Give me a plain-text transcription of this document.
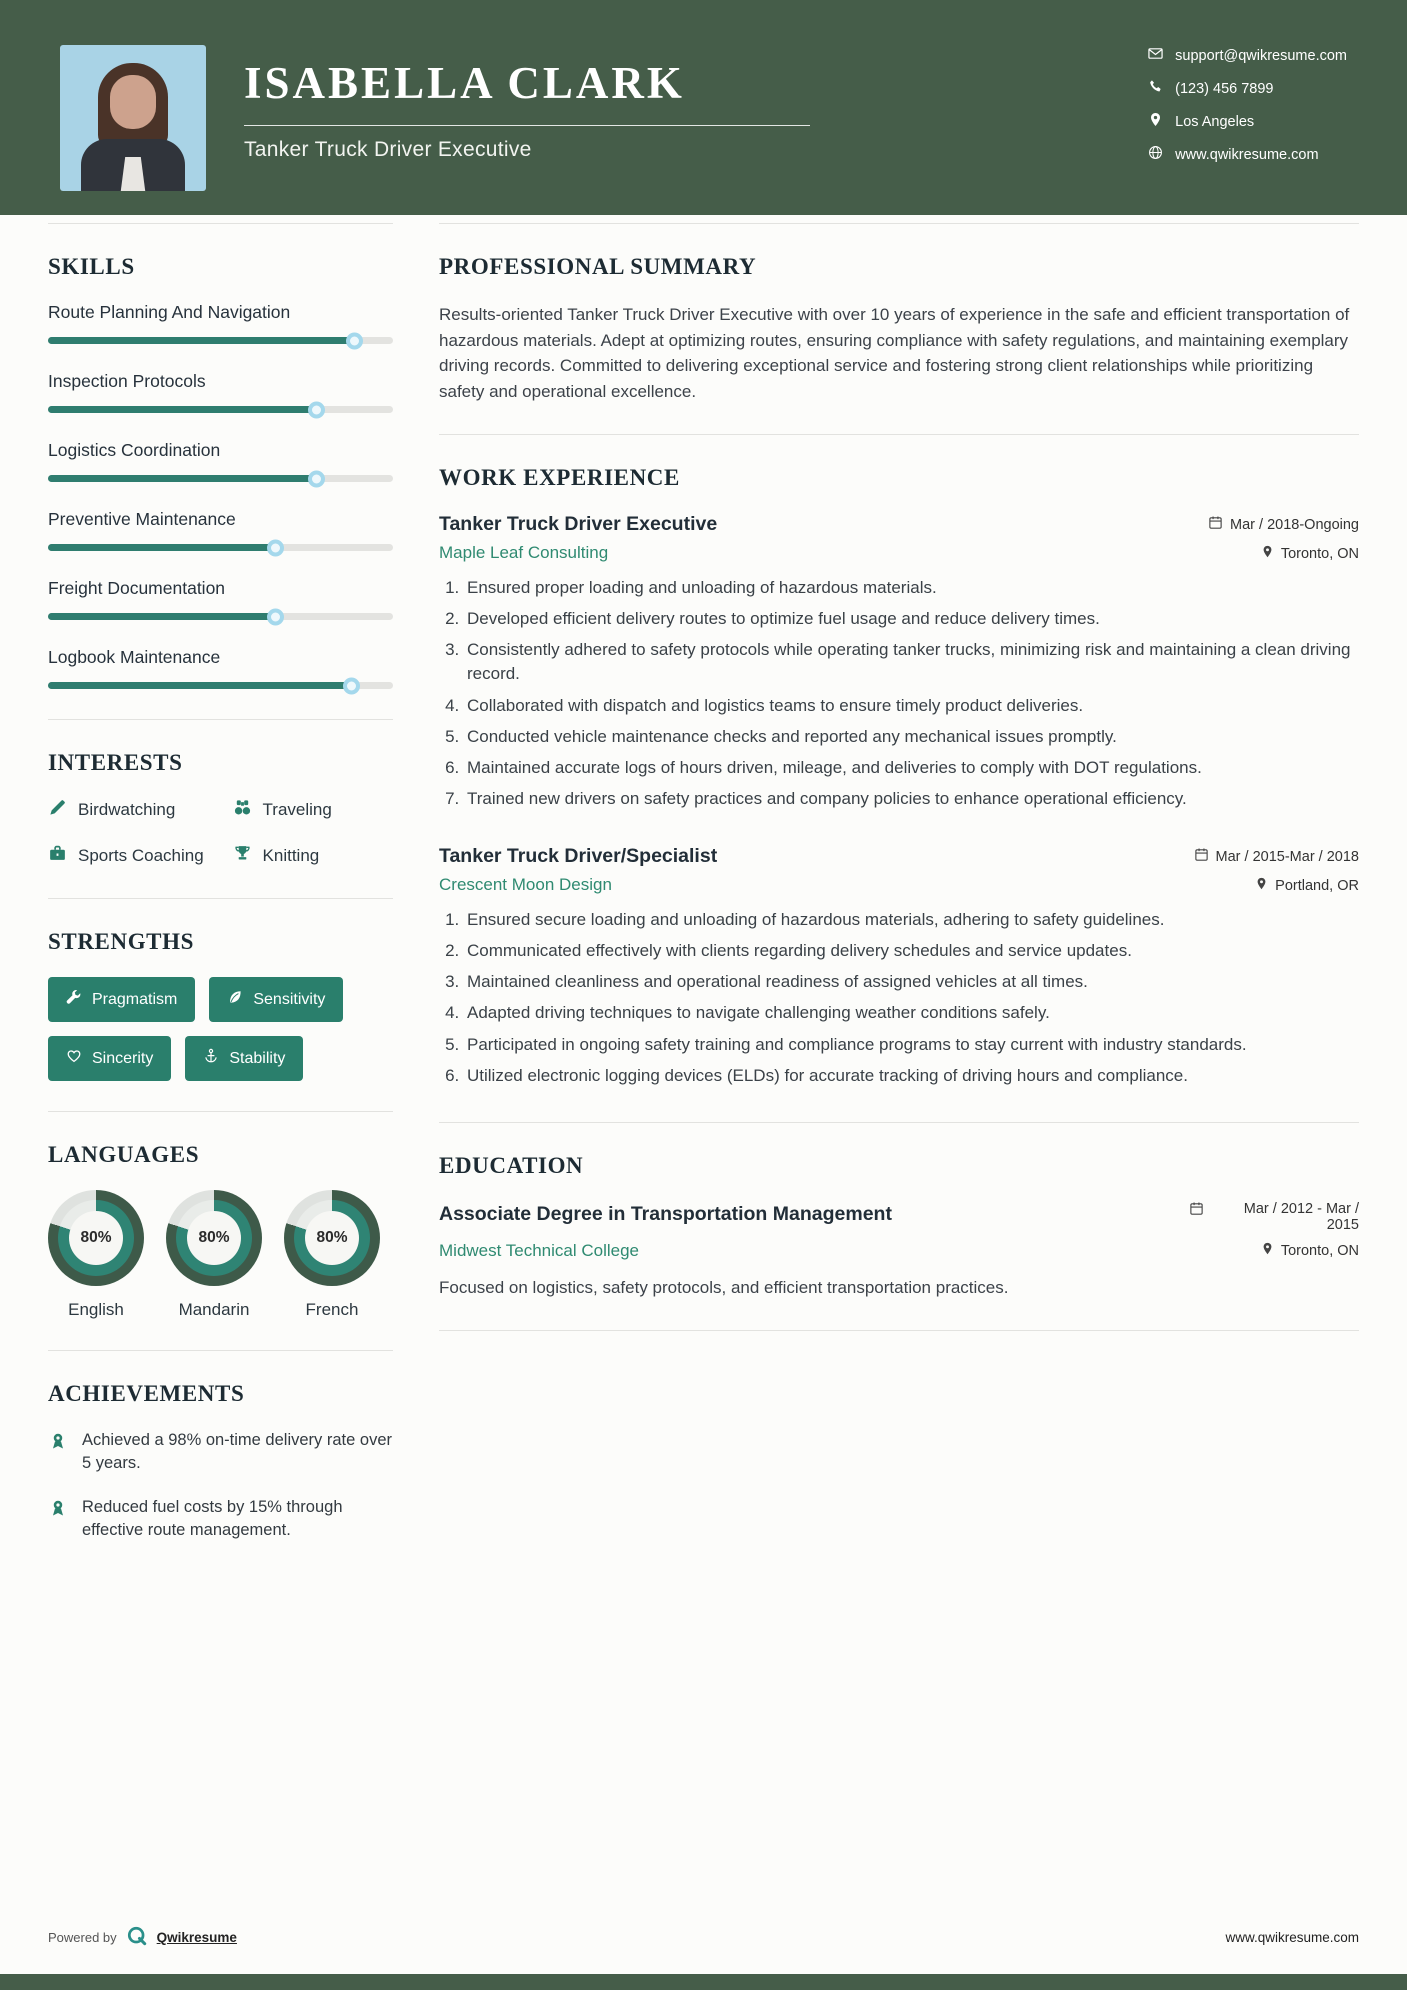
ISABELLA CLARK
Tanker Truck Driver Executive
support@qwikresume.com
(123) 456 7899
Los Angeles
www.qwikresume.com
SKILLS
Route Planning And Navigation
Inspection Protocols
Logistics Coordination
Preventive Maintenance
Freight Documentation
Logbook Maintenance
INTERESTS
Birdwatching	Traveling
Sports Coaching	Knitting
STRENGTHS
Pragmatism	Sensitivity
Sincerity	Stability
LANGUAGES
80%
English
80%
Mandarin
80%
French
ACHIEVEMENTS
Achieved a 98% on-time delivery rate over 5 years.
Reduced fuel costs by 15% through effective route management.
PROFESSIONAL SUMMARY

Results-oriented Tanker Truck Driver Executive with over 10 years of experience in the safe and efficient transportation of hazardous materials. Adept at optimizing routes, ensuring compliance with safety regulations, and maintaining exemplary driving records. Committed to delivering exceptional service and fostering strong client relationships while prioritizing safety and operational excellence.

WORK EXPERIENCE
Tanker Truck Driver Executive	Mar / 2018-Ongoing
Maple Leaf Consulting	Toronto, ON
1. Ensured proper loading and unloading of hazardous materials.
2. Developed efficient delivery routes to optimize fuel usage and reduce delivery times.
3. Consistently adhered to safety protocols while operating tanker trucks, minimizing risk and maintaining a clean driving record.
4. Collaborated with dispatch and logistics teams to ensure timely product deliveries.
5. Conducted vehicle maintenance checks and reported any mechanical issues promptly.
6. Maintained accurate logs of hours driven, mileage, and deliveries to comply with DOT regulations.
7. Trained new drivers on safety practices and company policies to enhance operational efficiency.
Tanker Truck Driver/Specialist	Mar / 2015-Mar / 2018
Crescent Moon Design	Portland, OR
1. Ensured secure loading and unloading of hazardous materials, adhering to safety guidelines.
2. Communicated effectively with clients regarding delivery schedules and service updates.
3. Maintained cleanliness and operational readiness of assigned vehicles at all times.
4. Adapted driving techniques to navigate challenging weather conditions safely.
5. Participated in ongoing safety training and compliance programs to stay current with industry standards.
6. Utilized electronic logging devices (ELDs) for accurate tracking of driving hours and compliance.
EDUCATION
Associate Degree in Transportation Management	Mar / 2012 - Mar / 2015
Midwest Technical College	Toronto, ON

Focused on logistics, safety protocols, and efficient transportation practices.

Powered by	Qwikresume	www.qwikresume.com
